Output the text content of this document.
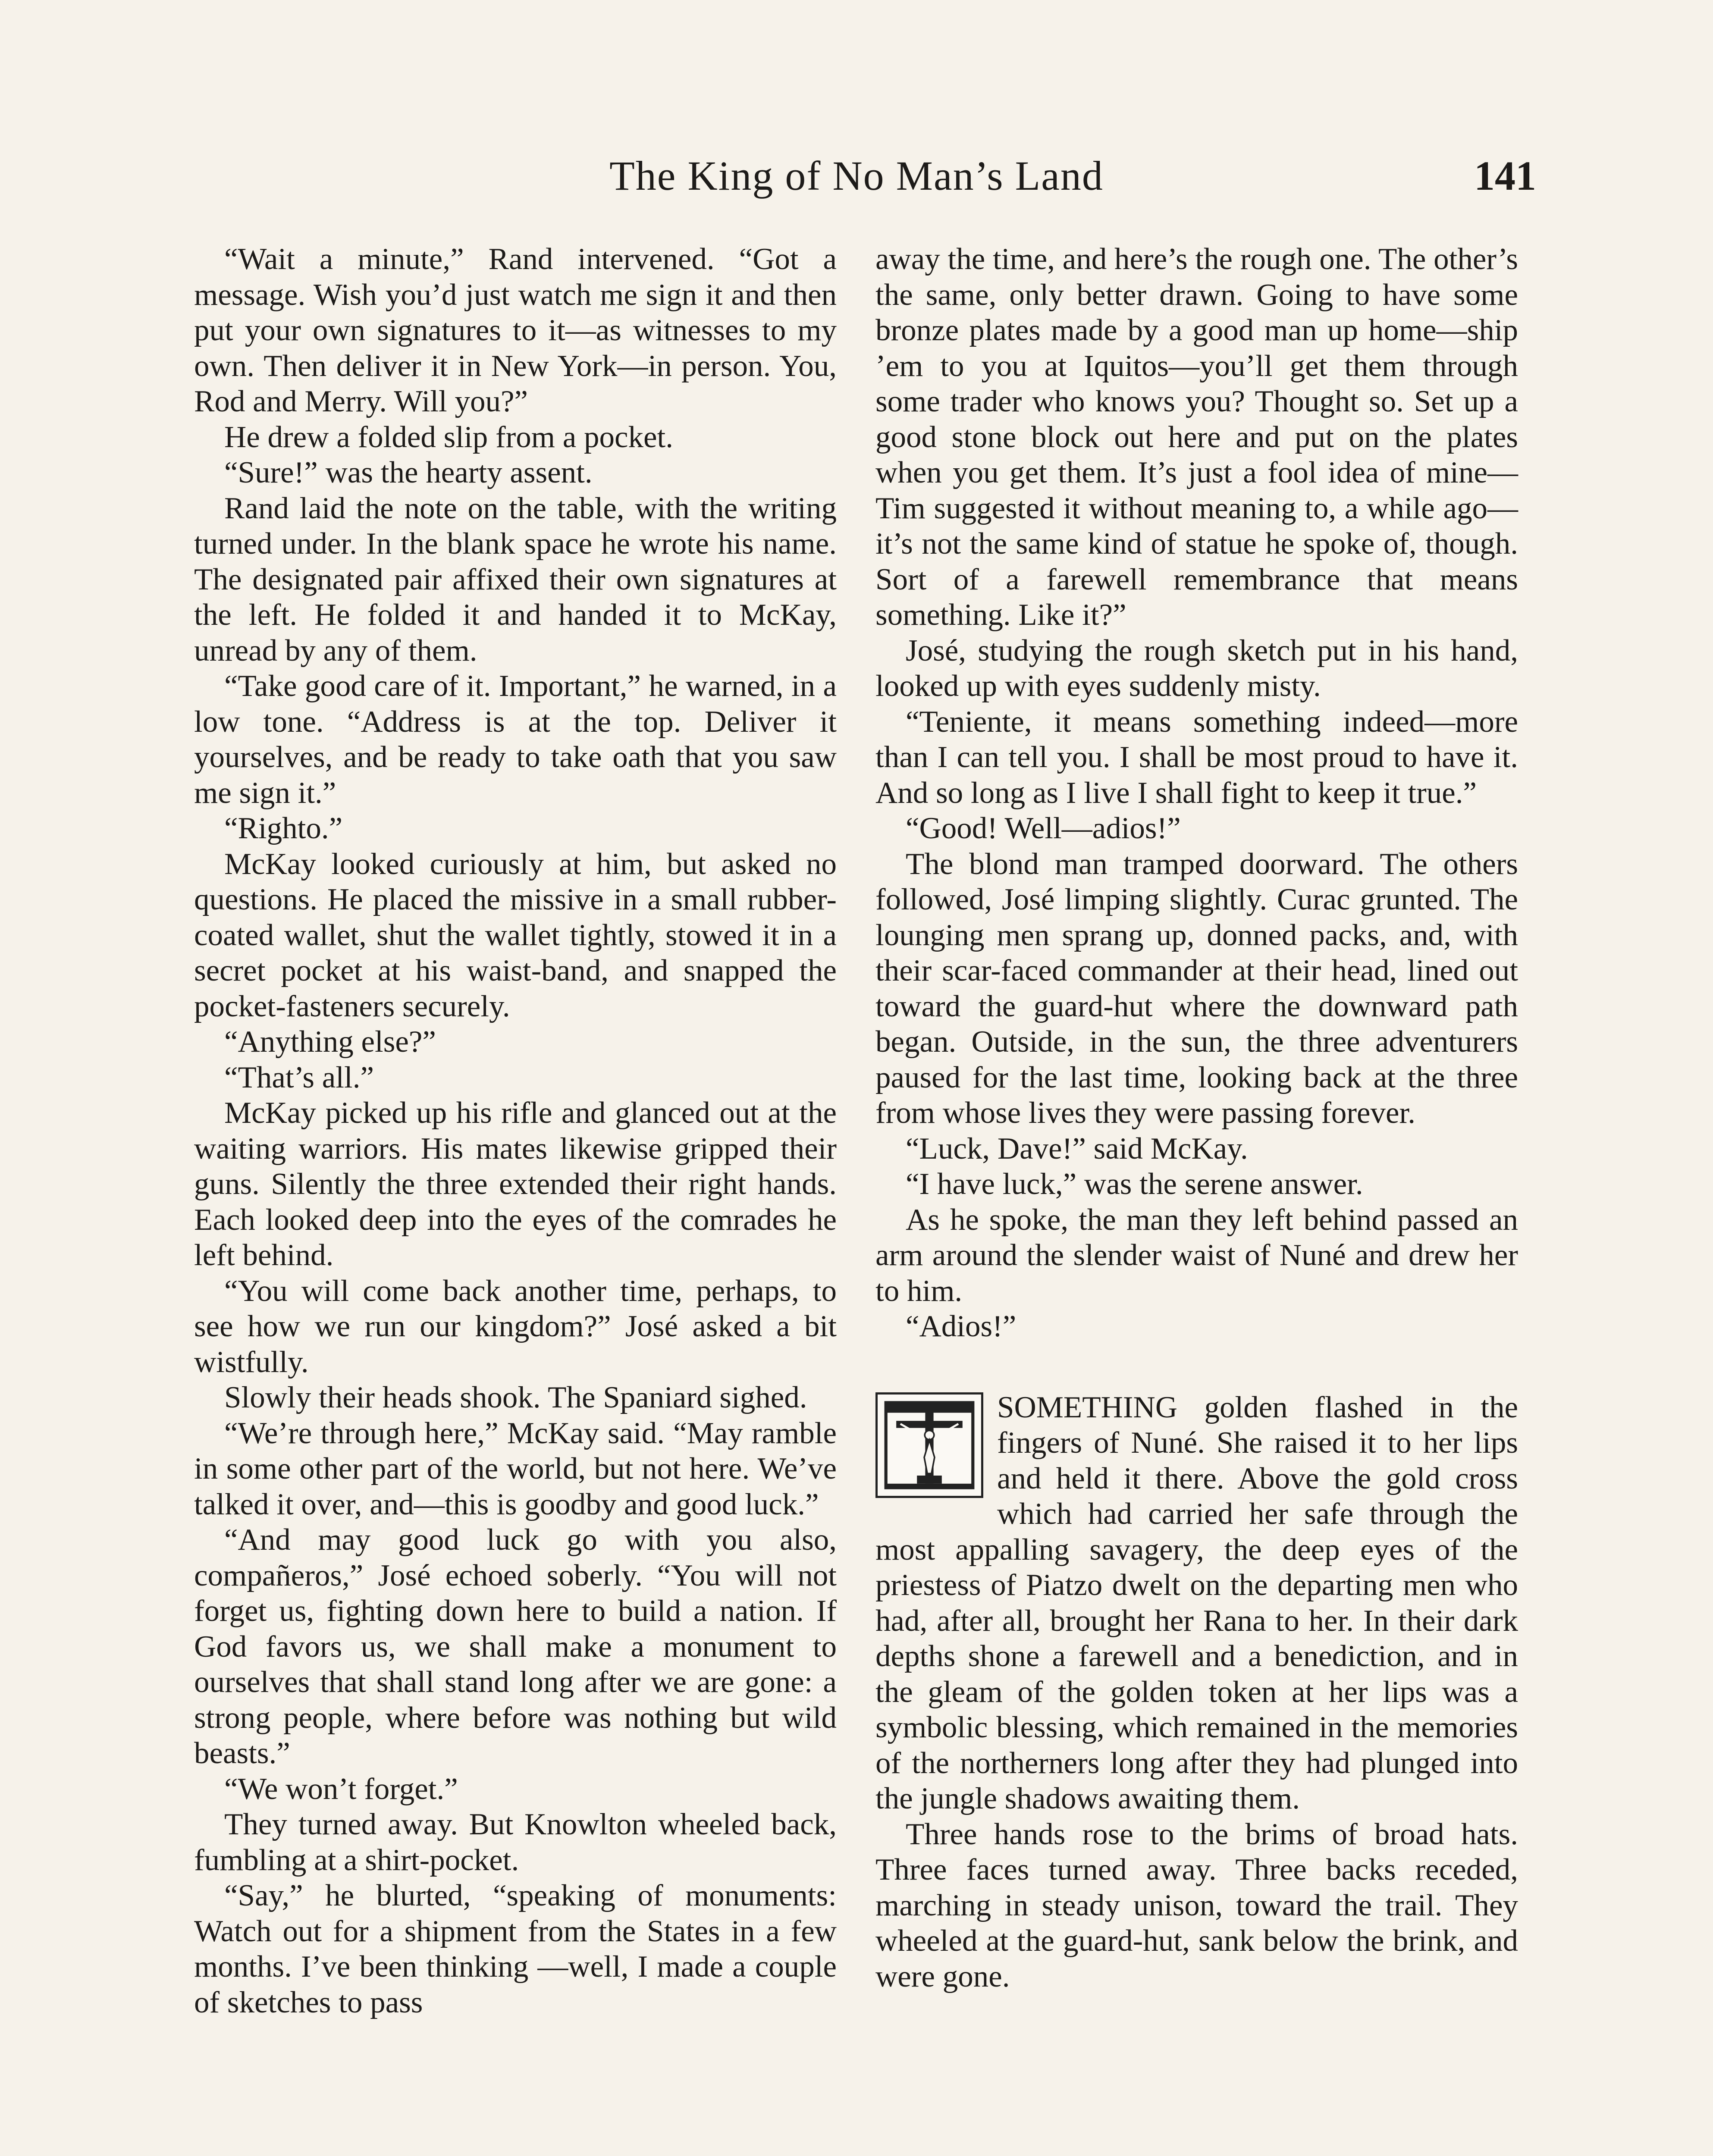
The King of No Man’s Land	141

“Wait a minute,” Rand intervened. “Got a message. Wish you’d just watch me sign it and then put your own signatures to it—as witnesses to my own. Then deliver it in New York—in person. You, Rod and Merry. Will you?”

He drew a folded slip from a pocket.

“Sure!” was the hearty assent.

Rand laid the note on the table, with the writing turned under. In the blank space he wrote his name. The designated pair affixed their own signatures at the left. He folded it and handed it to McKay, unread by any of them.

“Take good care of it. Important,” he warned, in a low tone. “Address is at the top. Deliver it yourselves, and be ready to take oath that you saw me sign it.”

“Righto.”

McKay looked curiously at him, but asked no questions. He placed the missive in a small rubber-coated wallet, shut the wallet tightly, stowed it in a secret pocket at his waist-band, and snapped the pocket-fasteners securely.

“Anything else?”

“That’s all.”

McKay picked up his rifle and glanced out at the waiting warriors. His mates likewise gripped their guns. Silently the three extended their right hands. Each looked deep into the eyes of the comrades he left behind.

“You will come back another time, perhaps, to see how we run our kingdom?” José asked a bit wistfully.

Slowly their heads shook. The Spaniard sighed.

“We’re through here,” McKay said. “May ramble in some other part of the world, but not here. We’ve talked it over, and—this is goodby and good luck.”

“And may good luck go with you also, compañeros,” José echoed soberly. “You will not forget us, fighting down here to build a nation. If God favors us, we shall make a monument to ourselves that shall stand long after we are gone: a strong people, where before was nothing but wild beasts.”

“We won’t forget.”

They turned away. But Knowlton wheeled back, fumbling at a shirt-pocket.

“Say,” he blurted, “speaking of monuments: Watch out for a shipment from the States in a few months. I’ve been thinking —well, I made a couple of sketches to pass

away the time, and here’s the rough one. The other’s the same, only better drawn. Going to have some bronze plates made by a good man up home—ship ’em to you at Iquitos—you’ll get them through some trader who knows you? Thought so. Set up a good stone block out here and put on the plates when you get them. It’s just a fool idea of mine—Tim suggested it without meaning to, a while ago—it’s not the same kind of statue he spoke of, though. Sort of a farewell remembrance that means something. Like it?”

José, studying the rough sketch put in his hand, looked up with eyes suddenly misty.

“Teniente, it means something indeed—more than I can tell you. I shall be most proud to have it. And so long as I live I shall fight to keep it true.”

“Good! Well—adios!”

The blond man tramped doorward. The others followed, José limping slightly. Curac grunted. The lounging men sprang up, donned packs, and, with their scar-faced commander at their head, lined out toward the guard-hut where the downward path began. Outside, in the sun, the three adventurers paused for the last time, looking back at the three from whose lives they were passing forever.

“Luck, Dave!” said McKay.

“I have luck,” was the serene answer.

As he spoke, the man they left behind passed an arm around the slender waist of Nuné and drew her to him.

“Adios!”

SOMETHING golden flashed in the fingers of Nuné. She raised it to her lips and held it there. Above the gold cross which had carried her safe through the most appalling savagery, the deep eyes of the priestess of Piatzo dwelt on the departing men who had, after all, brought her Rana to her. In their dark depths shone a farewell and a benediction, and in the gleam of the golden token at her lips was a symbolic blessing, which remained in the memories of the northerners long after they had plunged into the jungle shadows awaiting them.

Three hands rose to the brims of broad hats. Three faces turned away. Three backs receded, marching in steady unison, toward the trail. They wheeled at the guard-hut, sank below the brink, and were gone.
